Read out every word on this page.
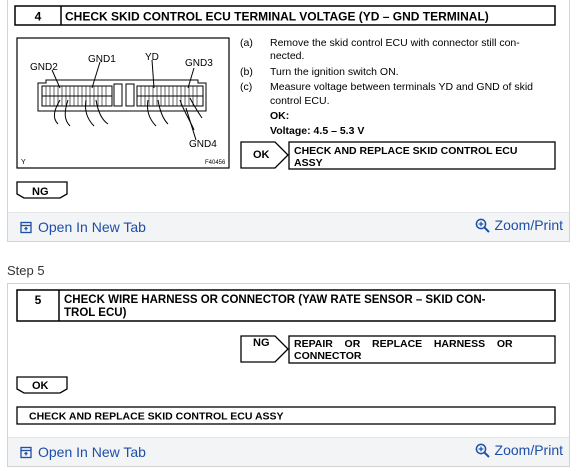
4 CHECK SKID CONTROL ECU TERMINAL VOLTAGE (YD – GND TERMINAL)
GND2
GND1	YD
GND3
GND4
Y	F40456
(a) Remove the skid control ECU with connector still con-
nected.
(b) Turn the ignition switch ON.
(c) Measure voltage between terminals YD and GND of skid
control ECU.
OK:
Voltage: 4.5 – 5.3 V
OK CHECK AND REPLACE SKID CONTROL ECU
ASSY
NG
Open In New Tab	Zoom/Print
Step 5
5 CHECK WIRE HARNESS OR CONNECTOR (YAW RATE SENSOR – SKID CON-
TROL ECU)
NG REPAIR    OR    REPLACE    HARNESS    OR
CONNECTOR
OK
CHECK AND REPLACE SKID CONTROL ECU ASSY
Open In New Tab	Zoom/Print
